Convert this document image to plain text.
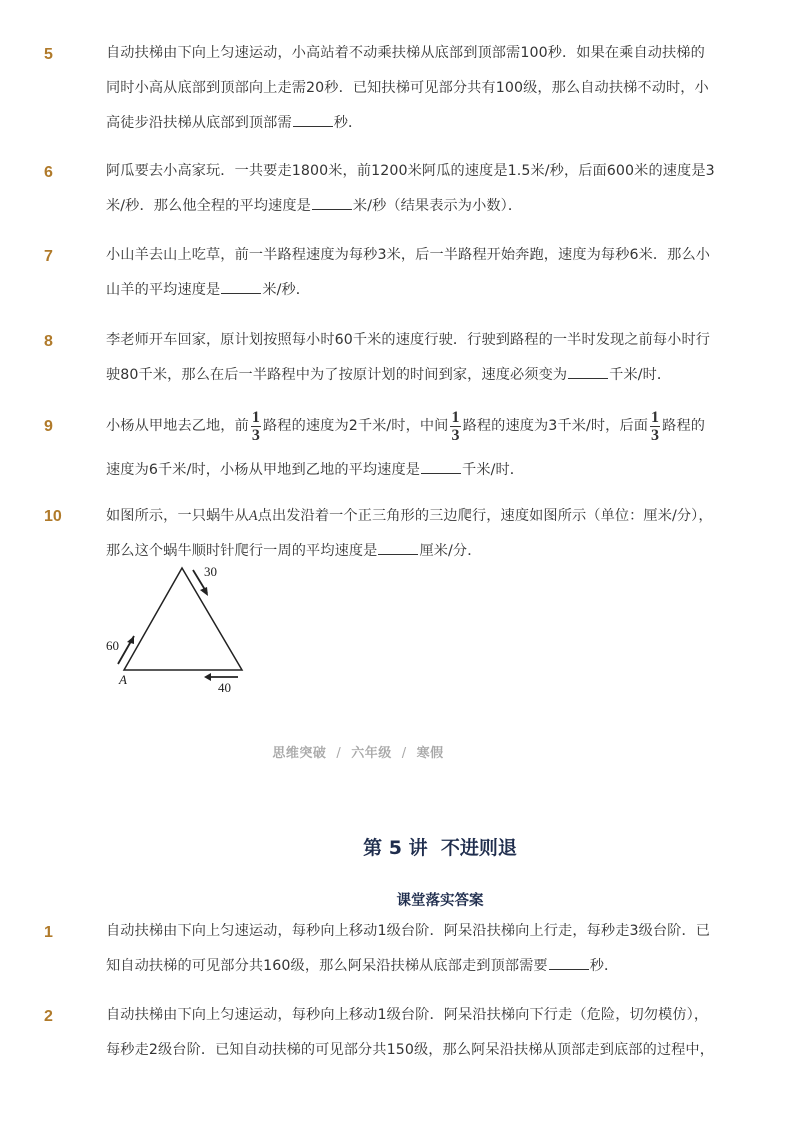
5	自动扶梯由下向上匀速运动，小高站着不动乘扶梯从底部到顶部需100秒．如果在乘自动扶梯的同时小高从底部到顶部向上走需20秒．已知扶梯可见部分共有100级，那么自动扶梯不动时，小高徒步沿扶梯从底部到顶部需	秒．
6	阿瓜要去小高家玩．一共要走1800米，前1200米阿瓜的速度是1.5米/秒，后面600米的速度是3米/秒．那么他全程的平均速度是	米/秒（结果表示为小数）．
7	小山羊去山上吃草，前一半路程速度为每秒3米，后一半路程开始奔跑，速度为每秒6米．那么小山羊的平均速度是	米/秒．
8	李老师开车回家，原计划按照每小时60千米的速度行驶．行驶到路程的一半时发现之前每小时行驶80千米，那么在后一半路程中为了按原计划的时间到家，速度必须变为	千米/时．
9	小杨从甲地去乙地，前 $\frac{1}{3}$ 路程的速度为2千米/时，中间 $\frac{1}{3}$ 路程的速度为3千米/时，后面 $\frac{1}{3}$ 路程的速度为6千米/时，小杨从甲地到乙地的平均速度是	千米/时．
10	如图所示，一只蜗牛从A点出发沿着一个正三角形的三边爬行，速度如图所示（单位：厘米/分），那么这个蜗牛顺时针爬行一周的平均速度是	厘米/分．
30
60
40
A
思维突破 / 六年级 / 寒假
第 5 讲  不进则退
课堂落实答案
1	自动扶梯由下向上匀速运动，每秒向上移动1级台阶．阿呆沿扶梯向上行走，每秒走3级台阶．已知自动扶梯的可见部分共160级，那么阿呆沿扶梯从底部走到顶部需要	秒．
2	自动扶梯由下向上匀速运动，每秒向上移动1级台阶．阿呆沿扶梯向下行走（危险，切勿模仿），每秒走2级台阶．已知自动扶梯的可见部分共150级，那么阿呆沿扶梯从顶部走到底部的过程中，
